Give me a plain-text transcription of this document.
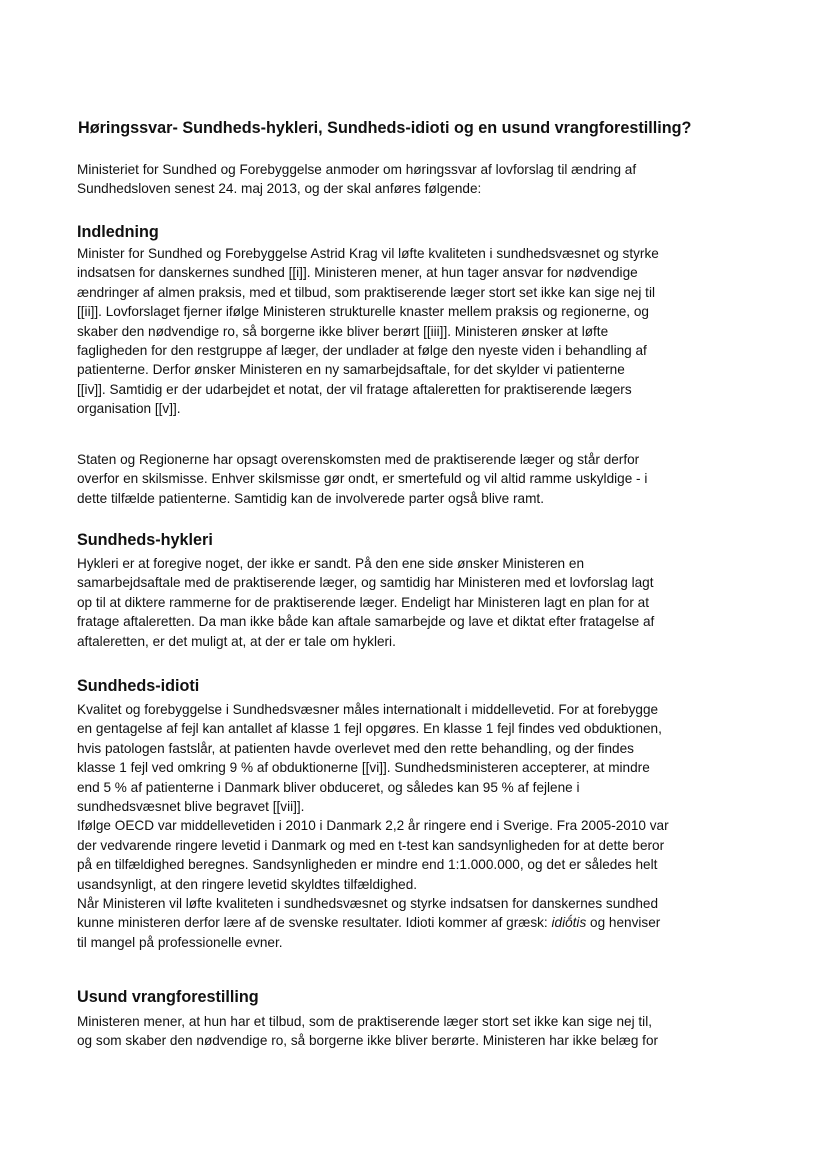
Høringssvar- Sundheds-hykleri, Sundheds-idioti og en usund vrangforestilling?
Ministeriet for Sundhed og Forebyggelse anmoder om høringssvar af lovforslag til ændring af
Sundhedsloven senest 24. maj 2013, og der skal anføres følgende:
Indledning
Minister for Sundhed og Forebyggelse Astrid Krag vil løfte kvaliteten i sundhedsvæsnet og styrke
indsatsen for danskernes sundhed [[i]]. Ministeren mener, at hun tager ansvar for nødvendige
ændringer af almen praksis, med et tilbud, som praktiserende læger stort set ikke kan sige nej til
[[ii]]. Lovforslaget fjerner ifølge Ministeren strukturelle knaster mellem praksis og regionerne, og
skaber den nødvendige ro, så borgerne ikke bliver berørt [[iii]]. Ministeren ønsker at løfte
fagligheden for den restgruppe af læger, der undlader at følge den nyeste viden i behandling af
patienterne. Derfor ønsker Ministeren en ny samarbejdsaftale, for det skylder vi patienterne
[[iv]]. Samtidig er der udarbejdet et notat, der vil fratage aftaleretten for praktiserende lægers
organisation [[v]].
Staten og Regionerne har opsagt overenskomsten med de praktiserende læger og står derfor
overfor en skilsmisse. Enhver skilsmisse gør ondt, er smertefuld og vil altid ramme uskyldige - i
dette tilfælde patienterne. Samtidig kan de involverede parter også blive ramt.
Sundheds-hykleri
Hykleri er at foregive noget, der ikke er sandt. På den ene side ønsker Ministeren en
samarbejdsaftale med de praktiserende læger, og samtidig har Ministeren med et lovforslag lagt
op til at diktere rammerne for de praktiserende læger. Endeligt har Ministeren lagt en plan for at
fratage aftaleretten. Da man ikke både kan aftale samarbejde og lave et diktat efter fratagelse af
aftaleretten, er det muligt at, at der er tale om hykleri.
Sundheds-idioti
Kvalitet og forebyggelse i Sundhedsvæsner måles internationalt i middellevetid. For at forebygge
en gentagelse af fejl kan antallet af klasse 1 fejl opgøres. En klasse 1 fejl findes ved obduktionen,
hvis patologen fastslår, at patienten havde overlevet med den rette behandling, og der findes
klasse 1 fejl ved omkring 9 % af obduktionerne [[vi]]. Sundhedsministeren accepterer, at mindre
end 5 % af patienterne i Danmark bliver obduceret, og således kan 95 % af fejlene i
sundhedsvæsnet blive begravet [[vii]].
Ifølge OECD var middellevetiden i 2010 i Danmark 2,2 år ringere end i Sverige. Fra 2005-2010 var
der vedvarende ringere levetid i Danmark og med en t-test kan sandsynligheden for at dette beror
på en tilfældighed beregnes. Sandsynligheden er mindre end 1:1.000.000, og det er således helt
usandsynligt, at den ringere levetid skyldtes tilfældighed.
Når Ministeren vil løfte kvaliteten i sundhedsvæsnet og styrke indsatsen for danskernes sundhed
kunne ministeren derfor lære af de svenske resultater. Idioti kommer af græsk: idiṓtis og henviser
til mangel på professionelle evner.
Usund vrangforestilling
Ministeren mener, at hun har et tilbud, som de praktiserende læger stort set ikke kan sige nej til,
og som skaber den nødvendige ro, så borgerne ikke bliver berørte. Ministeren har ikke belæg for
